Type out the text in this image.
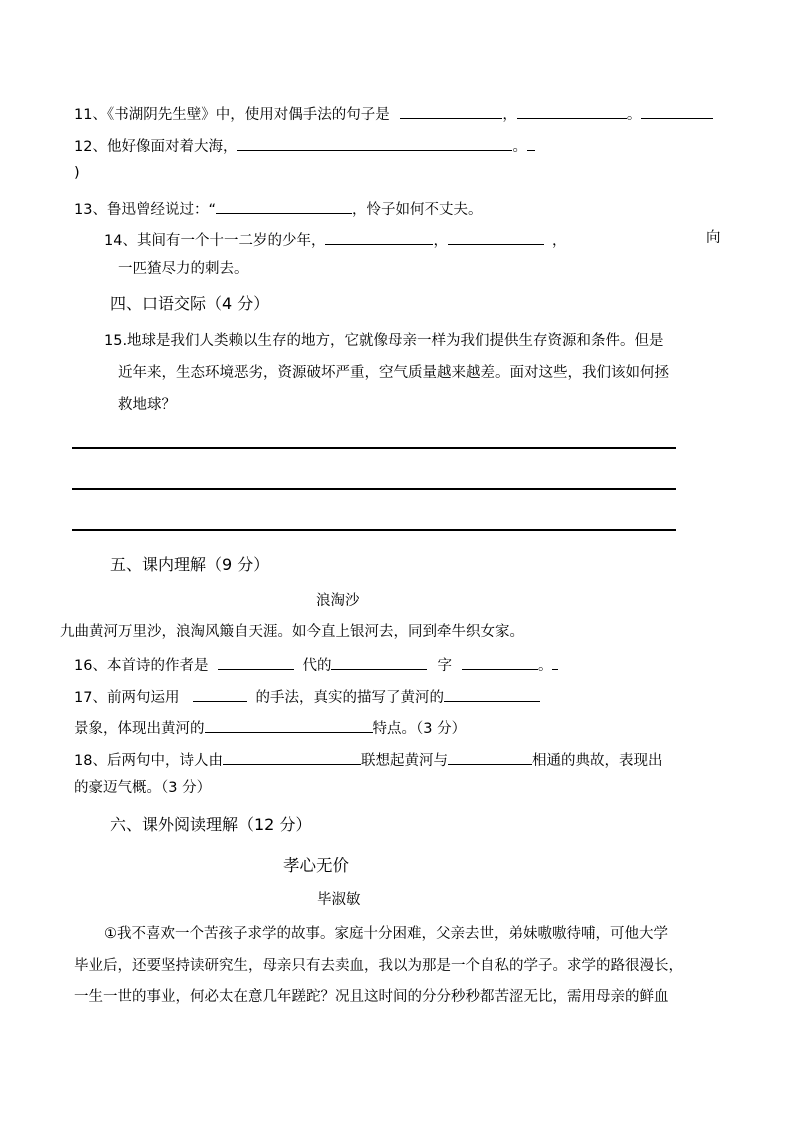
11、《书湖阴先生壁》中，使用对偶手法的句子是	，	。
12、他好像面对着大海，	。
)
13、鲁迅曾经说过：“	，怜子如何不丈夫。
14、其间有一个十一二岁的少年，	，	，	向
一匹猹尽力的刺去。
四、口语交际（4 分）
15.地球是我们人类赖以生存的地方，它就像母亲一样为我们提供生存资源和条件。但是
近年来，生态环境恶劣，资源破坏严重，空气质量越来越差。面对这些，我们该如何拯
救地球？
五、课内理解（9 分）
浪淘沙
九曲黄河万里沙，浪淘风簸自天涯。如今直上银河去，同到牵牛织女家。
16、本首诗的作者是	代的	字	。
17、前两句运用	的手法，真实的描写了黄河的
景象，体现出黄河的	特点。（3 分）
18、后两句中，诗人由	联想起黄河与	相通的典故，表现出
的豪迈气概。（3 分）
六、课外阅读理解（12 分）
孝心无价
毕淑敏
①我不喜欢一个苦孩子求学的故事。家庭十分困难，父亲去世，弟妹嗷嗷待哺，可他大学
毕业后，还要坚持读研究生，母亲只有去卖血，我以为那是一个自私的学子。求学的路很漫长，
一生一世的事业，何必太在意几年蹉跎？况且这时间的分分秒秒都苦涩无比，需用母亲的鲜血
